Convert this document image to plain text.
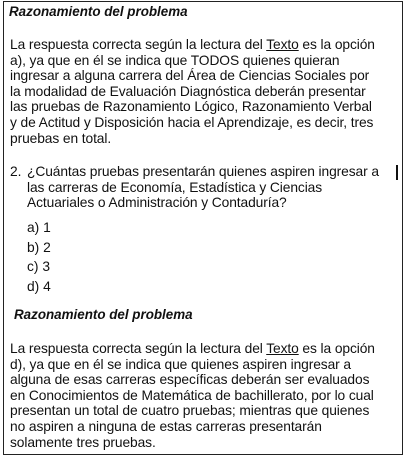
Razonamiento del problema
La respuesta correcta según la lectura del Texto es la opción
a), ya que en él se indica que TODOS quienes quieran
ingresar a alguna carrera del Área de Ciencias Sociales por
la modalidad de Evaluación Diagnóstica deberán presentar
las pruebas de Razonamiento Lógico, Razonamiento Verbal
y de Actitud y Disposición hacia el Aprendizaje, es decir, tres
pruebas en total.
2. ¿Cuántas pruebas presentarán quienes aspiren ingresar a
las carreras de Economía, Estadística y Ciencias
Actuariales o Administración y Contaduría?
a) 1
b) 2
c) 3
d) 4
Razonamiento del problema
La respuesta correcta según la lectura del Texto es la opción
d), ya que en él se indica que quienes aspiren ingresar a
alguna de esas carreras específicas deberán ser evaluados
en Conocimientos de Matemática de bachillerato, por lo cual
presentan un total de cuatro pruebas; mientras que quienes
no aspiren a ninguna de estas carreras presentarán
solamente tres pruebas.
